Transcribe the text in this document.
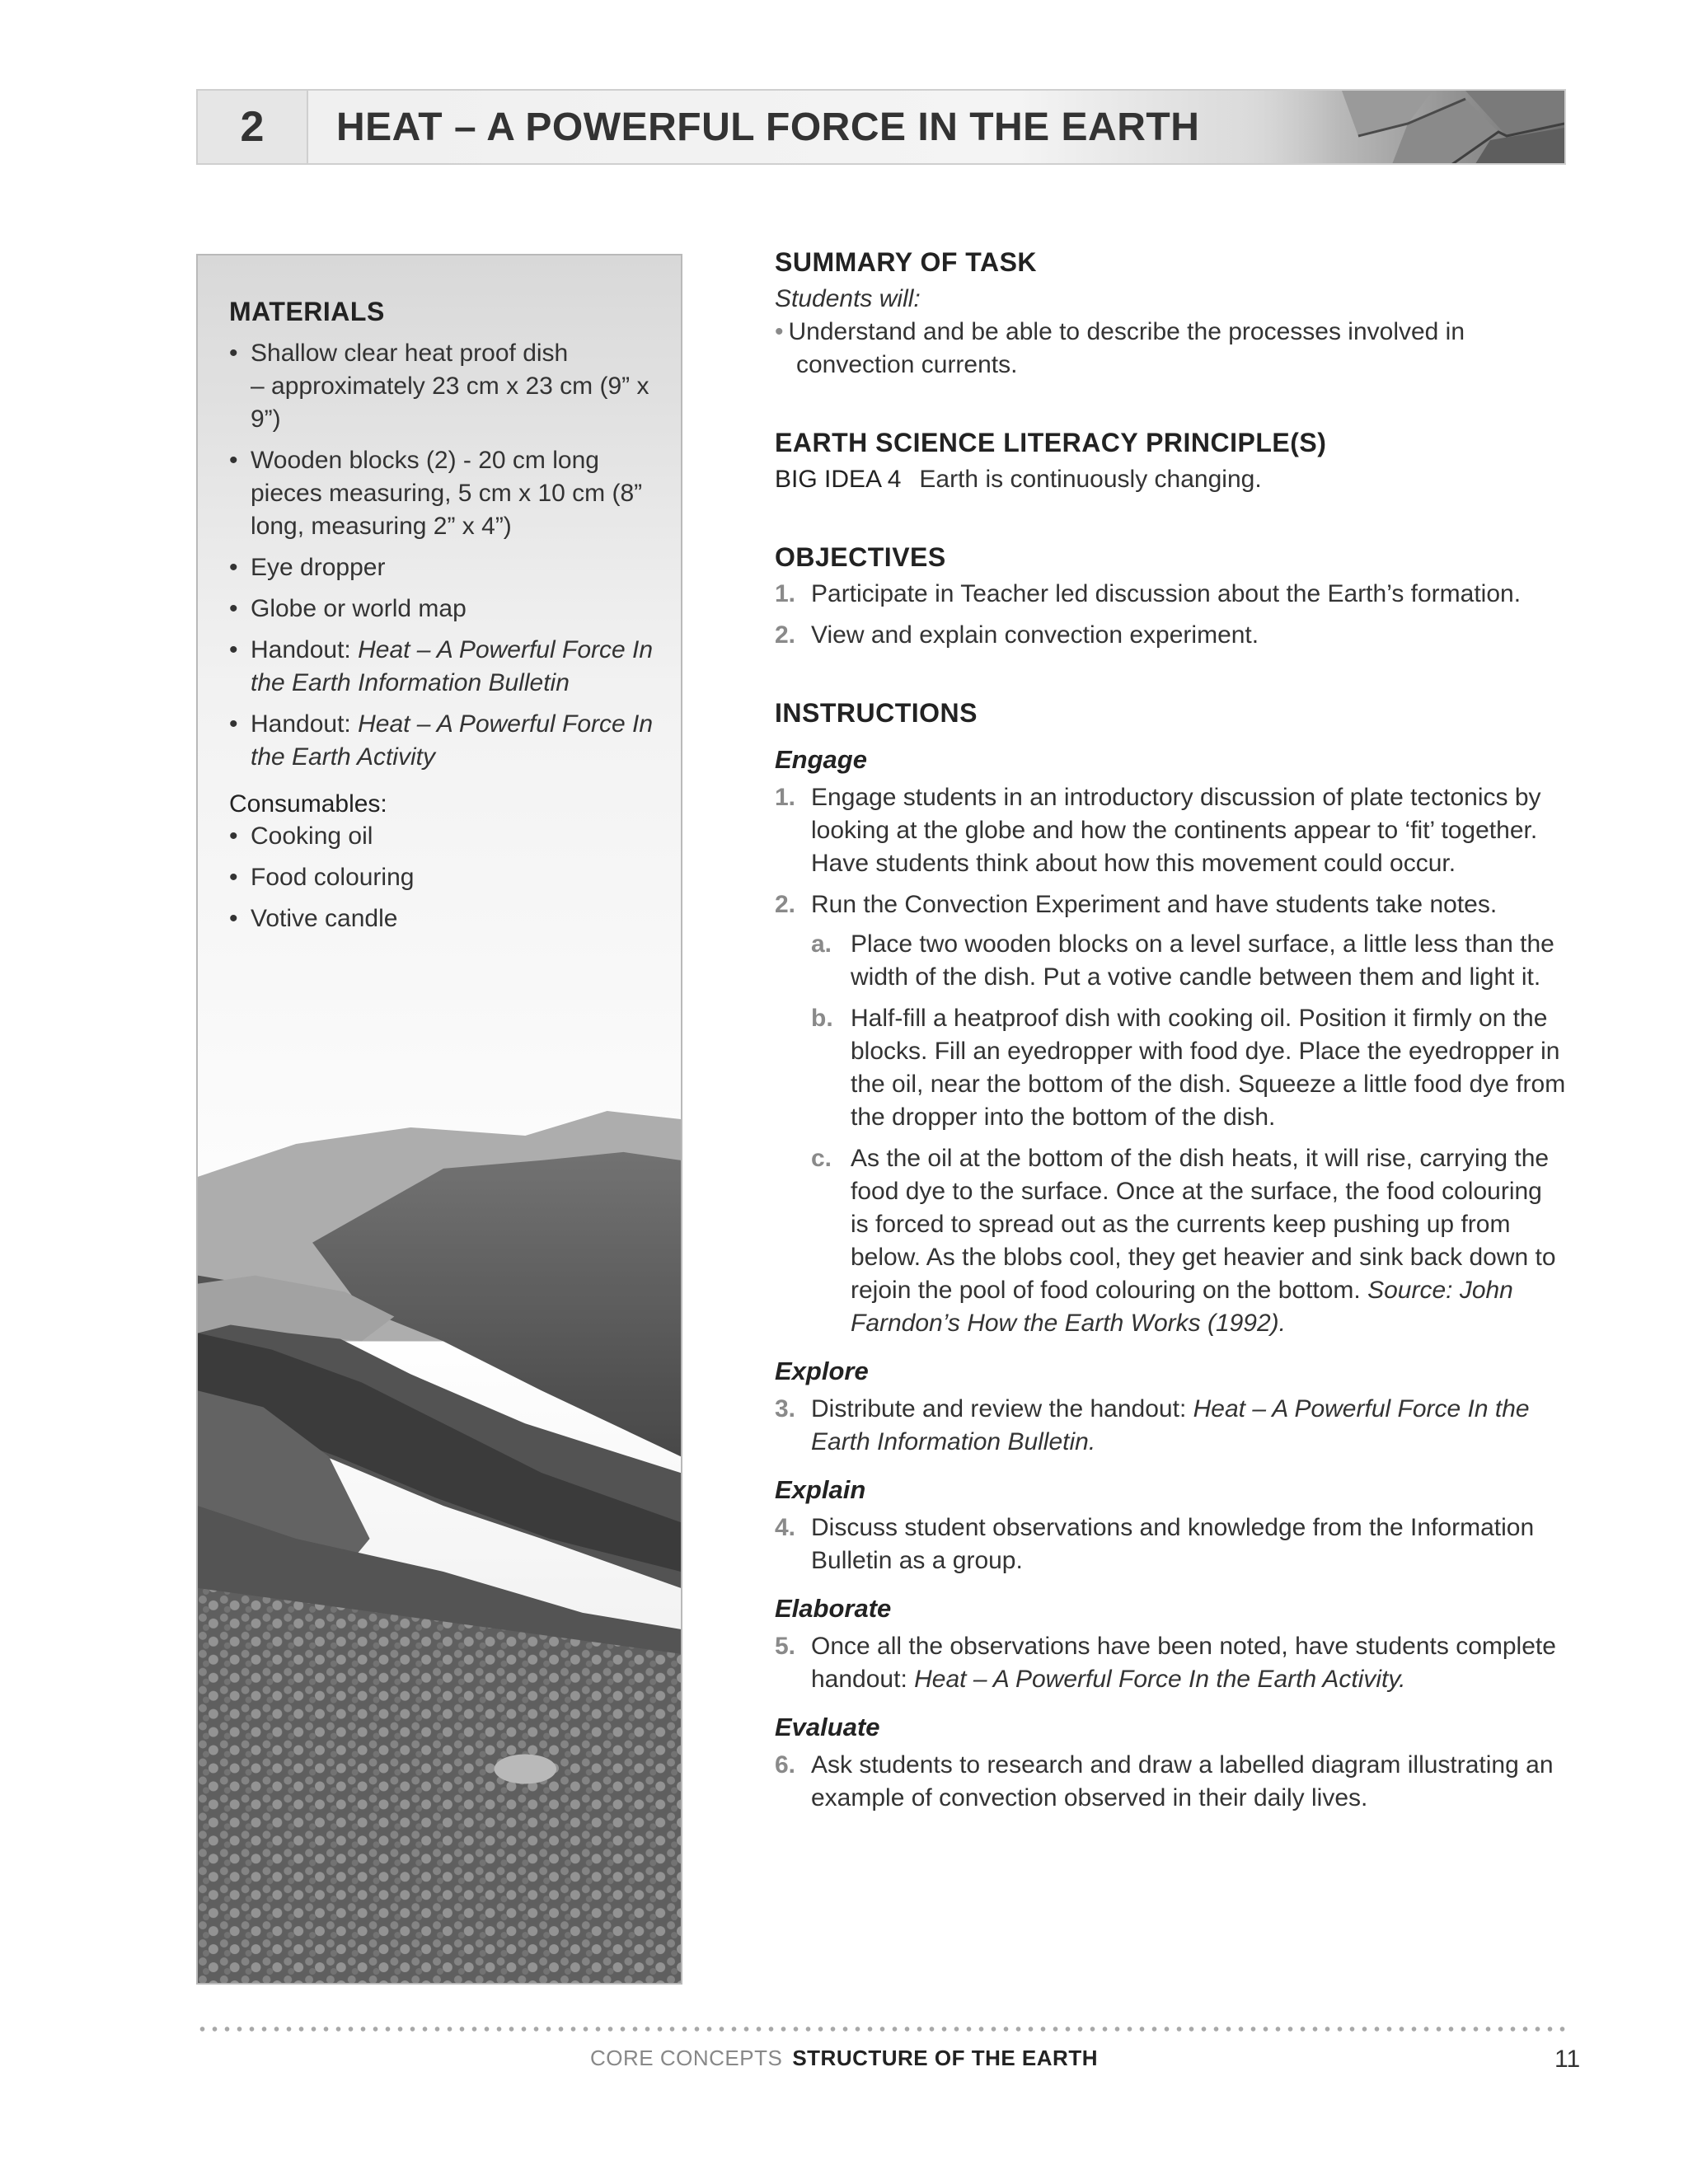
2	HEAT – A POWERFUL FORCE IN THE EARTH
MATERIALS
• Shallow clear heat proof dish
– approximately 23 cm x 23 cm (9” x 9”)
• Wooden blocks (2) - 20 cm long pieces measuring, 5 cm x 10 cm (8” long, measuring 2” x 4”)
• Eye dropper
• Globe or world map
• Handout: Heat – A Powerful Force In the Earth Information Bulletin
• Handout: Heat – A Powerful Force In the Earth Activity
Consumables:
• Cooking oil
• Food colouring
• Votive candle
SUMMARY OF TASK

Students will:

• Understand and be able to describe the processes involved in convection currents.

EARTH SCIENCE LITERACY PRINCIPLE(S)

BIG IDEA 4 Earth is continuously changing.

OBJECTIVES
1. Participate in Teacher led discussion about the Earth’s formation.
2. View and explain convection experiment.
INSTRUCTIONS
Engage
1. Engage students in an introductory discussion of plate tectonics by looking at the globe and how the continents appear to ‘fit’ together. Have students think about how this movement could occur.
2. Run the Convection Experiment and have students take notes.
a. Place two wooden blocks on a level surface, a little less than the width of the dish. Put a votive candle between them and light it.
b. Half-fill a heatproof dish with cooking oil. Position it firmly on the blocks. Fill an eyedropper with food dye. Place the eyedropper in the oil, near the bottom of the dish. Squeeze a little food dye from the dropper into the bottom of the dish.
c. As the oil at the bottom of the dish heats, it will rise, carrying the food dye to the surface. Once at the surface, the food colouring is forced to spread out as the currents keep pushing up from below. As the blobs cool, they get heavier and sink back down to rejoin the pool of food colouring on the bottom. Source: John Farndon’s How the Earth Works (1992).
Explore
3. Distribute and review the handout: Heat – A Powerful Force In the Earth Information Bulletin.
Explain
4. Discuss student observations and knowledge from the Information Bulletin as a group.
Elaborate
5. Once all the observations have been noted, have students complete handout: Heat – A Powerful Force In the Earth Activity.
Evaluate
6. Ask students to research and draw a labelled diagram illustrating an example of convection observed in their daily lives.
CORE CONCEPTS STRUCTURE OF THE EARTH	11
